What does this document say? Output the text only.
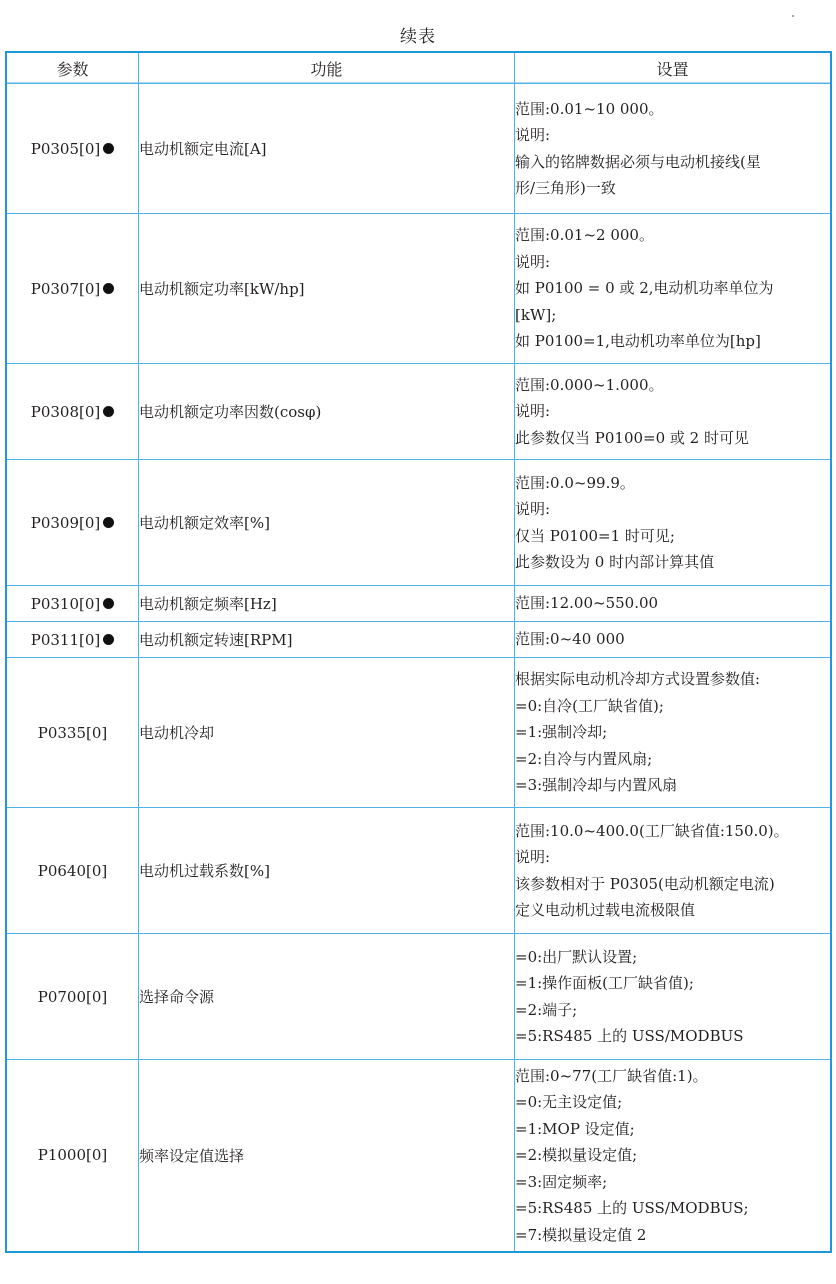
续表
参数	功能	设置
P0305[0]	电动机额定电流[A]	范围:0.01~10 000。
说明:
输入的铭牌数据必须与电动机接线(星
形/三角形)一致

P0307[0]	电动机额定功率[kW/hp]	范围:0.01~2 000。
说明:
如 P0100 = 0 或 2,电动机功率单位为
[kW];
如 P0100=1,电动机功率单位为[hp]

P0308[0]	电动机额定功率因数(cosφ)	范围:0.000~1.000。
说明:
此参数仅当 P0100=0 或 2 时可见

P0309[0]	电动机额定效率[%]	范围:0.0~99.9。
说明:
仅当 P0100=1 时可见;
此参数设为 0 时内部计算其值

P0310[0]	电动机额定频率[Hz]	范围:12.00~550.00

P0311[0]	电动机额定转速[RPM]	范围:0~40 000

P0335[0]	电动机冷却	根据实际电动机冷却方式设置参数值:
=0:自冷(工厂缺省值);
=1:强制冷却;
=2:自冷与内置风扇;
=3:强制冷却与内置风扇

P0640[0]	电动机过载系数[%]	范围:10.0~400.0(工厂缺省值:150.0)。
说明:
该参数相对于 P0305(电动机额定电流)
定义电动机过载电流极限值

P0700[0]	选择命令源	=0:出厂默认设置;
=1:操作面板(工厂缺省值);
=2:端子;
=5:RS485 上的 USS/MODBUS

P1000[0]	频率设定值选择	
范围:0~77(工厂缺省值:1)。
=0:无主设定值;
=1:MOP 设定值;
=2:模拟量设定值;
=3:固定频率;
=5:RS485 上的 USS/MODBUS;
=7:模拟量设定值 2
